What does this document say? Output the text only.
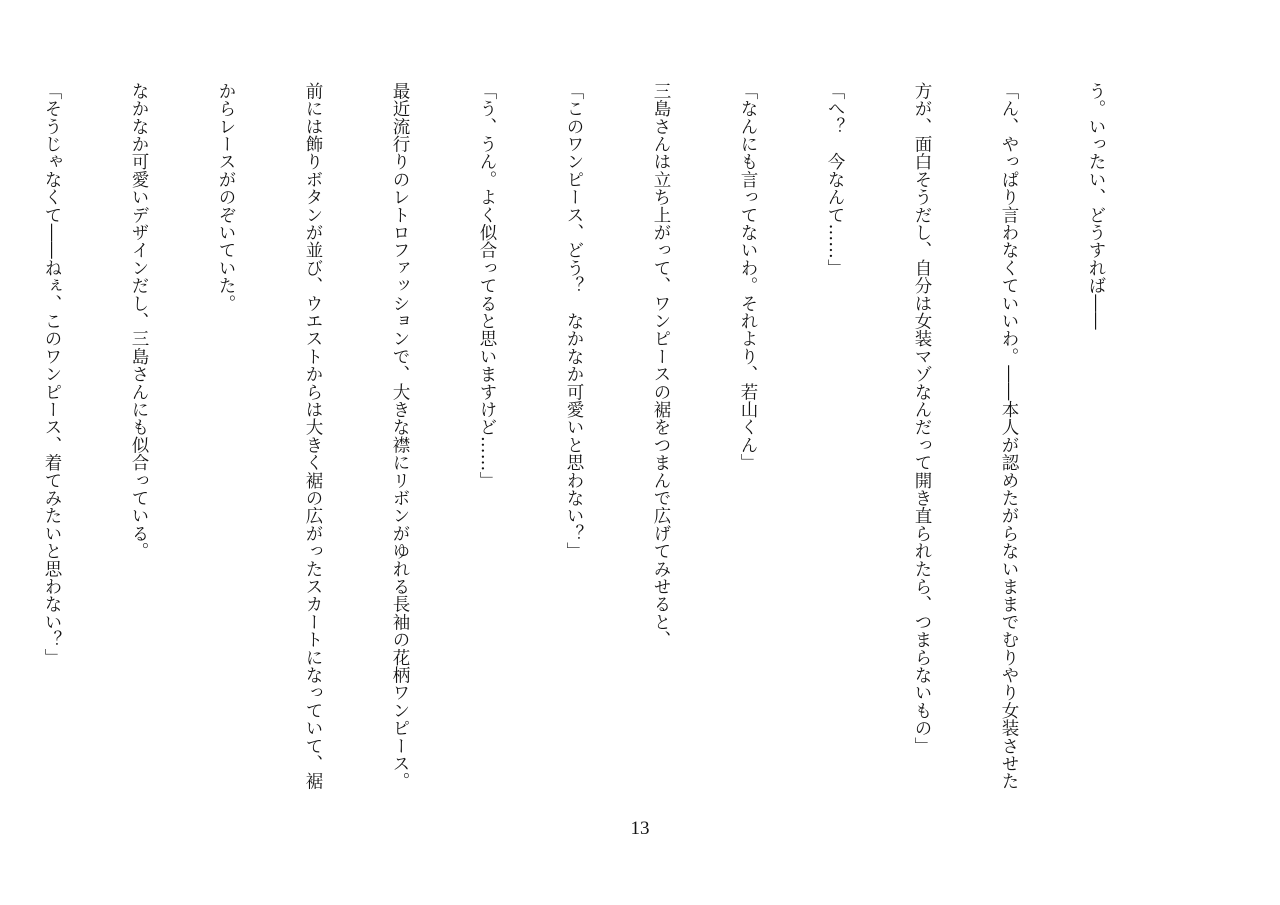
う。いったい、どうすれば――

「ん、やっぱり言わなくていいわ。――本人が認めたがらないままでむりやり女装させた

方が、面白そうだし、自分は女装マゾなんだって開き直られたら、つまらないもの」

「へ？　今なんて……」

「なんにも言ってないわ。それより、若山くん」

三島さんは立ち上がって、ワンピースの裾をつまんで広げてみせると、

「このワンピース、どう？　なかなか可愛いと思わない？」

「う、うん。よく似合ってると思いますけど……」

最近流行りのレトロファッションで、大きな襟にリボンがゆれる長袖の花柄ワンピース。

前には飾りボタンが並び、ウエストからは大きく裾の広がったスカートになっていて、裾

からレースがのぞいていた。

なかなか可愛いデザインだし、三島さんにも似合っている。

「そうじゃなくて――ねぇ、このワンピース、着てみたいと思わない？」

13
